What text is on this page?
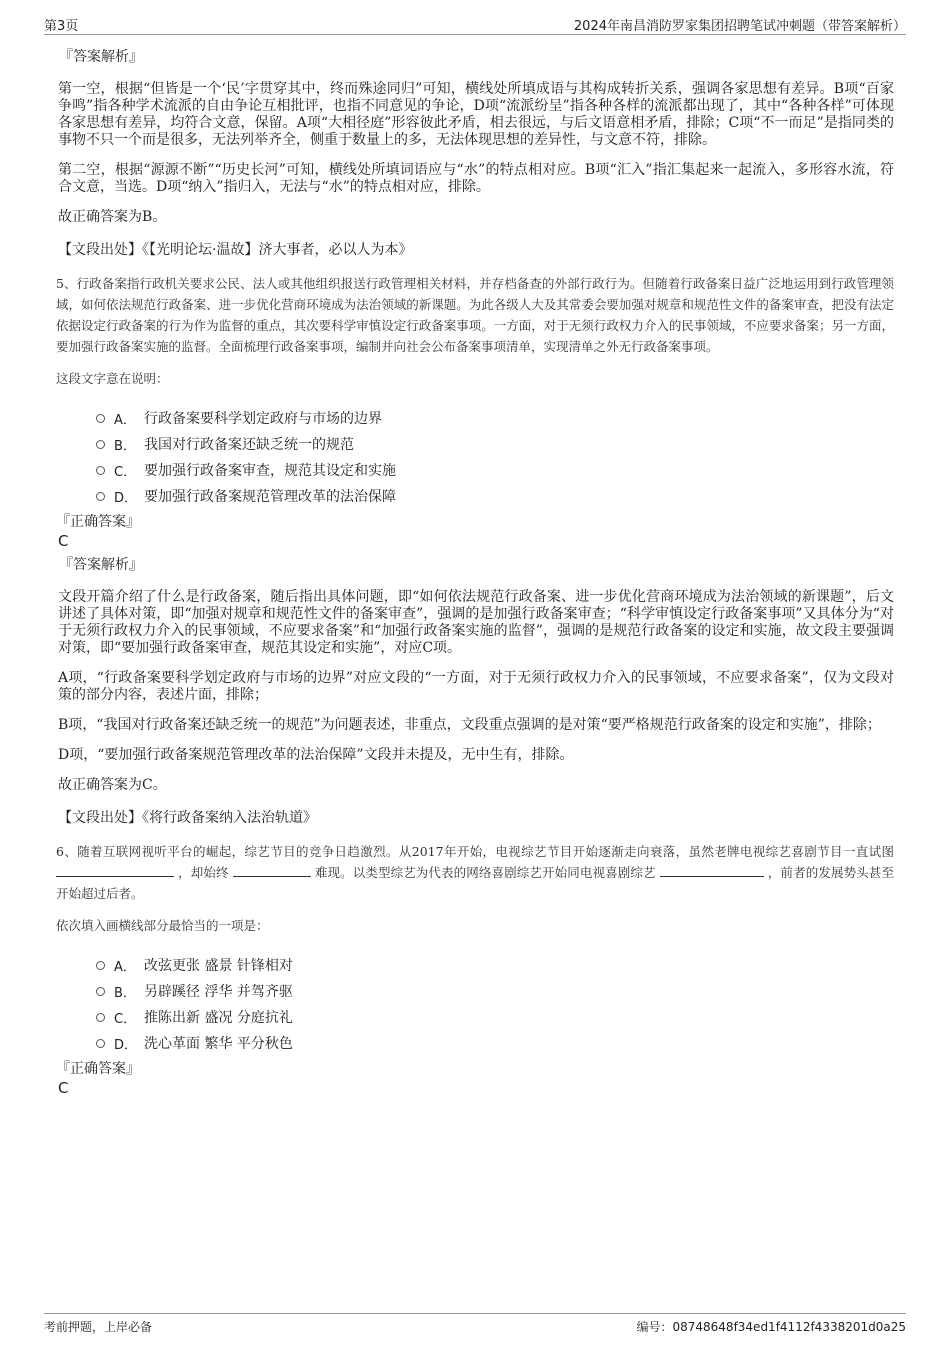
第3页	2024年南昌消防罗家集团招聘笔试冲刺题（带答案解析）
『答案解析』

第一空，根据“但皆是一个‘民’字贯穿其中，终而殊途同归”可知，横线处所填成语与其构成转折关系，强调各家思想有差异。B项“百家争鸣”指各种学术流派的自由争论互相批评，也指不同意见的争论，D项“流派纷呈”指各种各样的流派都出现了，其中“各种各样”可体现各家思想有差异，均符合文意，保留。A项“大相径庭”形容彼此矛盾，相去很远，与后文语意相矛盾，排除；C项“不一而足”是指同类的事物不只一个而是很多，无法列举齐全，侧重于数量上的多，无法体现思想的差异性，与文意不符，排除。

第二空，根据“源源不断”“历史长河”可知，横线处所填词语应与“水”的特点相对应。B项“汇入”指汇集起来一起流入，多形容水流，符合文意，当选。D项“纳入”指归入，无法与“水”的特点相对应，排除。

故正确答案为B。

【文段出处】《【光明论坛·温故】济大事者，必以人为本》

5、行政备案指行政机关要求公民、法人或其他组织报送行政管理相关材料，并存档备查的外部行政行为。但随着行政备案日益广泛地运用到行政管理领域，如何依法规范行政备案、进一步优化营商环境成为法治领域的新课题。为此各级人大及其常委会要加强对规章和规范性文件的备案审查，把没有法定依据设定行政备案的行为作为监督的重点，其次要科学审慎设定行政备案事项。一方面，对于无须行政权力介入的民事领域，不应要求备案；另一方面，要加强行政备案实施的监督。全面梳理行政备案事项，编制并向社会公布备案事项清单，实现清单之外无行政备案事项。

这段文字意在说明：

A． 行政备案要科学划定政府与市场的边界
B． 我国对行政备案还缺乏统一的规范
C． 要加强行政备案审查，规范其设定和实施
D． 要加强行政备案规范管理改革的法治保障
『正确答案』
C
『答案解析』

文段开篇介绍了什么是行政备案，随后指出具体问题，即“如何依法规范行政备案、进一步优化营商环境成为法治领域的新课题”，后文讲述了具体对策，即“加强对规章和规范性文件的备案审查”，强调的是加强行政备案审查；“科学审慎设定行政备案事项”又具体分为“对于无须行政权力介入的民事领域，不应要求备案”和“加强行政备案实施的监督”，强调的是规范行政备案的设定和实施，故文段主要强调对策，即“要加强行政备案审查，规范其设定和实施”，对应C项。

A项，“行政备案要科学划定政府与市场的边界”对应文段的“一方面，对于无须行政权力介入的民事领域，不应要求备案”，仅为文段对策的部分内容，表述片面，排除；

B项，“我国对行政备案还缺乏统一的规范”为问题表述，非重点，文段重点强调的是对策“要严格规范行政备案的设定和实施”，排除；

D项，“要加强行政备案规范管理改革的法治保障”文段并未提及，无中生有，排除。

故正确答案为C。

【文段出处】《将行政备案纳入法治轨道》

6、随着互联网视听平台的崛起，综艺节目的竞争日趋激烈。从2017年开始，电视综艺节目开始逐渐走向衰落，虽然老牌电视综艺喜剧节目一直试图  ，却始终	难现。以类型综艺为代表的网络喜剧综艺开始同电视喜剧综艺	，前者的发展势头甚至开始超过后者。

依次填入画横线部分最恰当的一项是：

A． 改弦更张 盛景 针锋相对
B． 另辟蹊径 浮华 并驾齐驱
C． 推陈出新 盛况 分庭抗礼
D． 洗心革面 繁华 平分秋色
『正确答案』
C
考前押题，上岸必备	编号：08748648f34ed1f4112f4338201d0a25
